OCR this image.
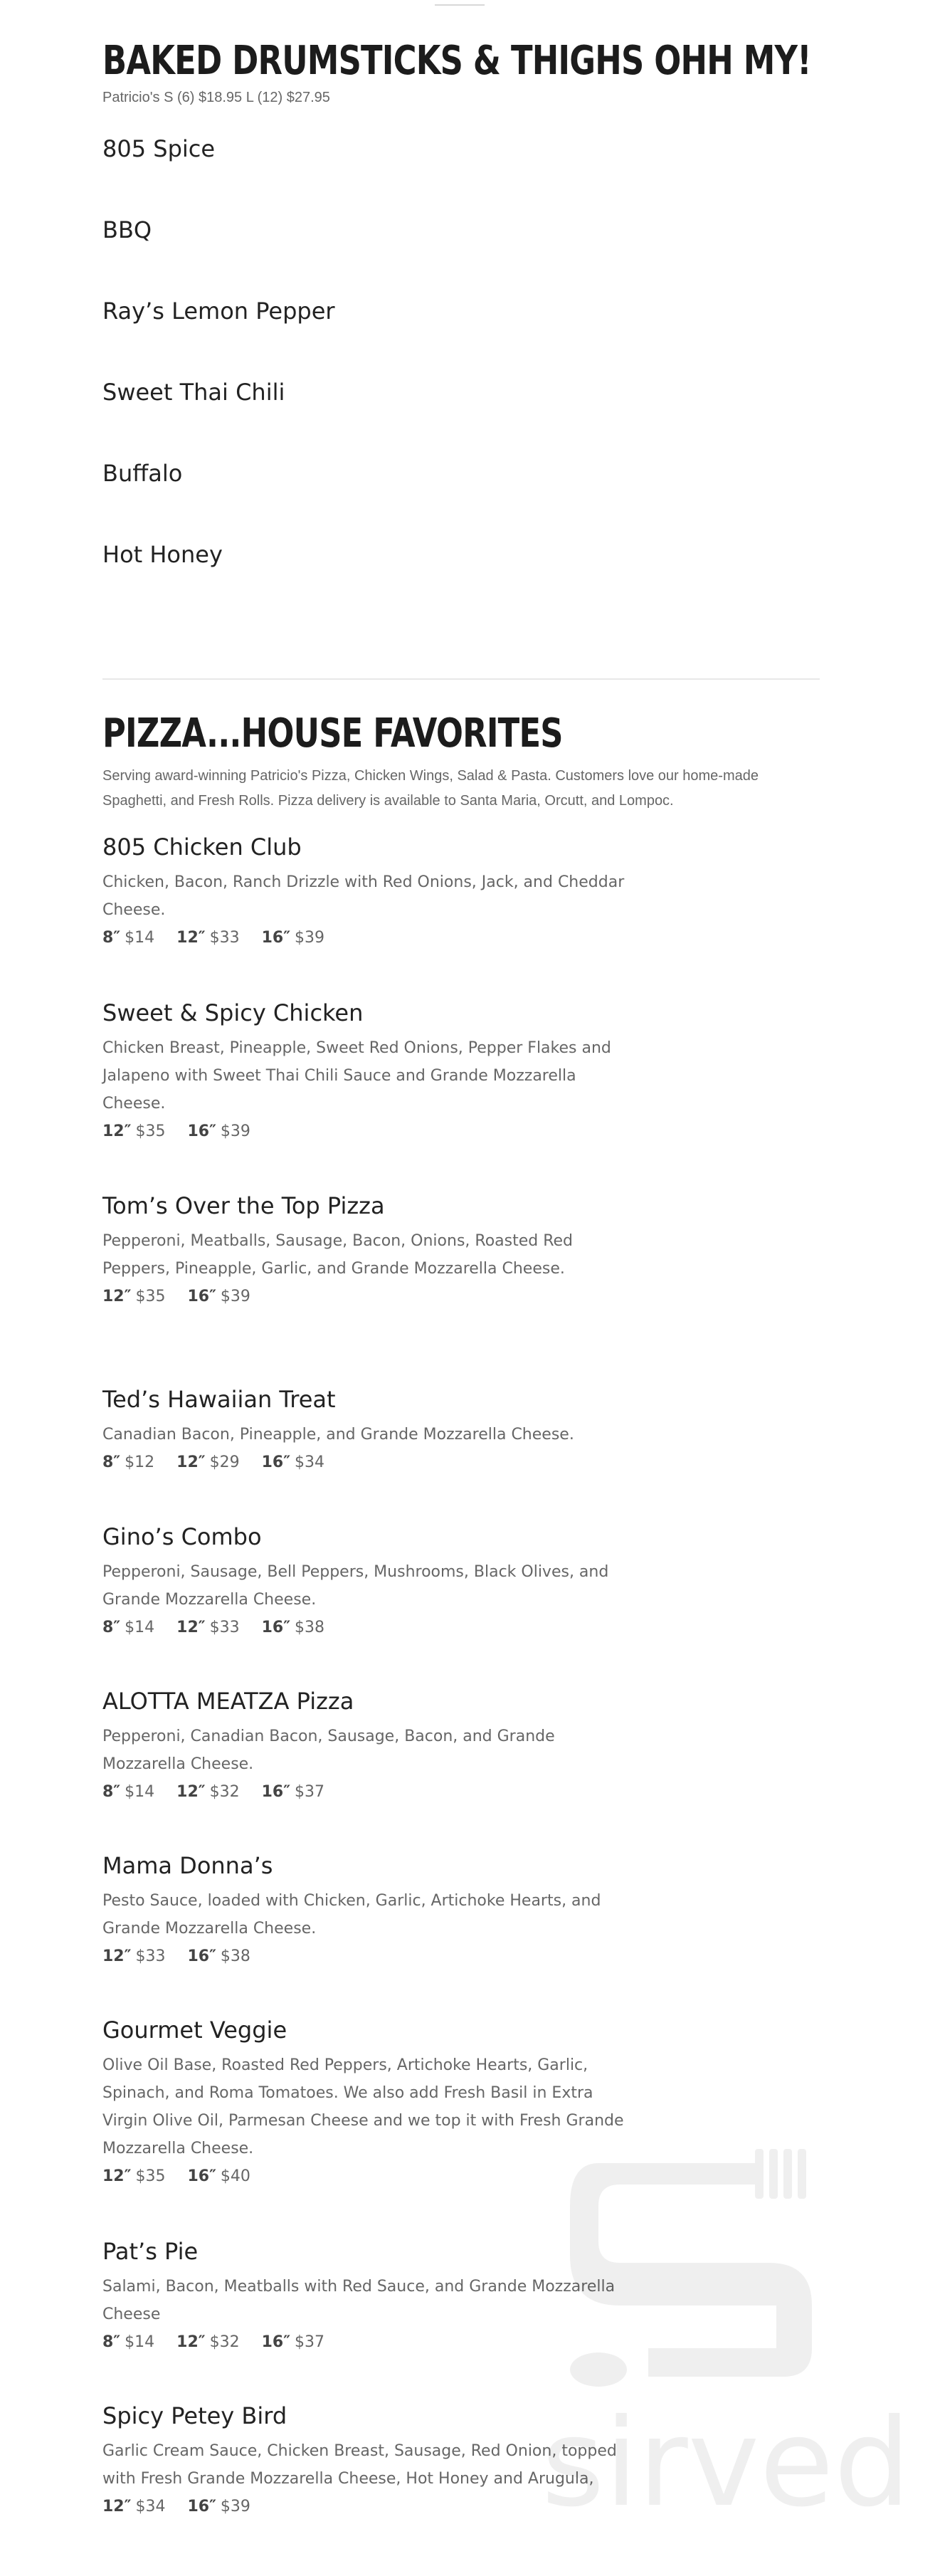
BAKED DRUMSTICKS & THIGHS OHH MY!
Patricio's S (6) $18.95 L (12) $27.95
805 Spice
BBQ
Ray’s Lemon Pepper
Sweet Thai Chili
Buffalo
Hot Honey
PIZZA...HOUSE FAVORITES
Serving award-winning Patricio's Pizza, Chicken Wings, Salad & Pasta. Customers love our home-made
Spaghetti, and Fresh Rolls. Pizza delivery is available to Santa Maria, Orcutt, and Lompoc.
805 Chicken Club
Chicken, Bacon, Ranch Drizzle with Red Onions, Jack, and Cheddar Cheese.
8″ $14 12″ $33 16″ $39
Sweet & Spicy Chicken
Chicken Breast, Pineapple, Sweet Red Onions, Pepper Flakes and Jalapeno with Sweet Thai Chili Sauce and Grande Mozzarella Cheese.
12″ $35 16″ $39
Tom’s Over the Top Pizza
Pepperoni, Meatballs, Sausage, Bacon, Onions, Roasted Red Peppers, Pineapple, Garlic, and Grande Mozzarella Cheese.
12″ $35 16″ $39
Ted’s Hawaiian Treat
Canadian Bacon, Pineapple, and Grande Mozzarella Cheese.
8″ $12 12″ $29 16″ $34
Gino’s Combo
Pepperoni, Sausage, Bell Peppers, Mushrooms, Black Olives, and Grande Mozzarella Cheese.
8″ $14 12″ $33 16″ $38
ALOTTA MEATZA Pizza
Pepperoni, Canadian Bacon, Sausage, Bacon, and Grande Mozzarella Cheese.
8″ $14 12″ $32 16″ $37
Mama Donna’s
Pesto Sauce, loaded with Chicken, Garlic, Artichoke Hearts, and Grande Mozzarella Cheese.
12″ $33 16″ $38
Gourmet Veggie
Olive Oil Base, Roasted Red Peppers, Artichoke Hearts, Garlic, Spinach, and Roma Tomatoes. We also add Fresh Basil in Extra Virgin Olive Oil, Parmesan Cheese and we top it with Fresh Grande Mozzarella Cheese.
12″ $35 16″ $40
Pat’s Pie
Salami, Bacon, Meatballs with Red Sauce, and Grande Mozzarella Cheese
8″ $14 12″ $32 16″ $37
Spicy Petey Bird
Garlic Cream Sauce, Chicken Breast, Sausage, Red Onion, topped with Fresh Grande Mozzarella Cheese, Hot Honey and Arugula,
12″ $34 16″ $39	sirved
